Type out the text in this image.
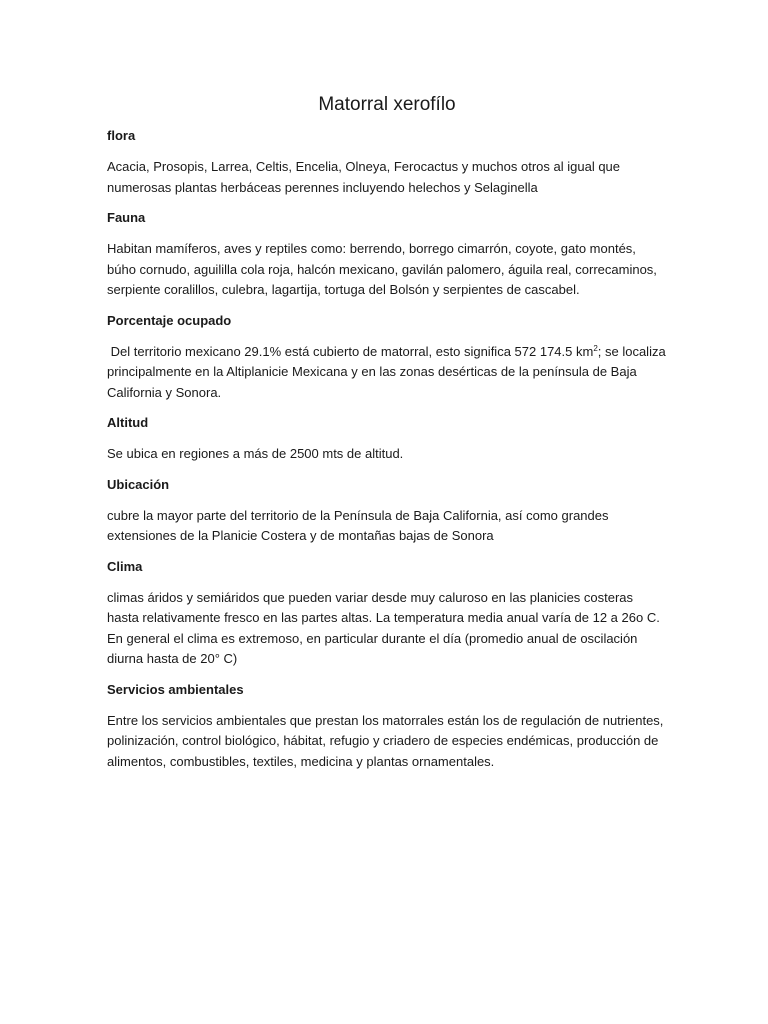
Matorral xerofílo
flora

Acacia, Prosopis, Larrea, Celtis, Encelia, Olneya, Ferocactus y muchos otros al igual que numerosas plantas herbáceas perennes incluyendo helechos y Selaginella

Fauna

Habitan mamíferos, aves y reptiles como: berrendo, borrego cimarrón, coyote, gato montés, búho cornudo, aguililla cola roja, halcón mexicano, gavilán palomero, águila real, correcaminos, serpiente coralillos, culebra, lagartija, tortuga del Bolsón y serpientes de cascabel.

Porcentaje ocupado

Del territorio mexicano 29.1% está cubierto de matorral, esto significa 572 174.5 $km^2$; se localiza principalmente en la Altiplanicie Mexicana y en las zonas desérticas de la península de Baja California y Sonora.

Altitud

Se ubica en regiones a más de 2500 mts de altitud.

Ubicación

cubre la mayor parte del territorio de la Península de Baja California, así como grandes extensiones de la Planicie Costera y de montañas bajas de Sonora

Clima

climas áridos y semiáridos que pueden variar desde muy caluroso en las planicies costeras hasta relativamente fresco en las partes altas. La temperatura media anual varía de 12 a 26o C. En general el clima es extremoso, en particular durante el día (promedio anual de oscilación diurna hasta de 20° C)

Servicios ambientales

Entre los servicios ambientales que prestan los matorrales están los de regulación de nutrientes, polinización, control biológico, hábitat, refugio y criadero de especies endémicas, producción de alimentos, combustibles, textiles, medicina y plantas ornamentales.
